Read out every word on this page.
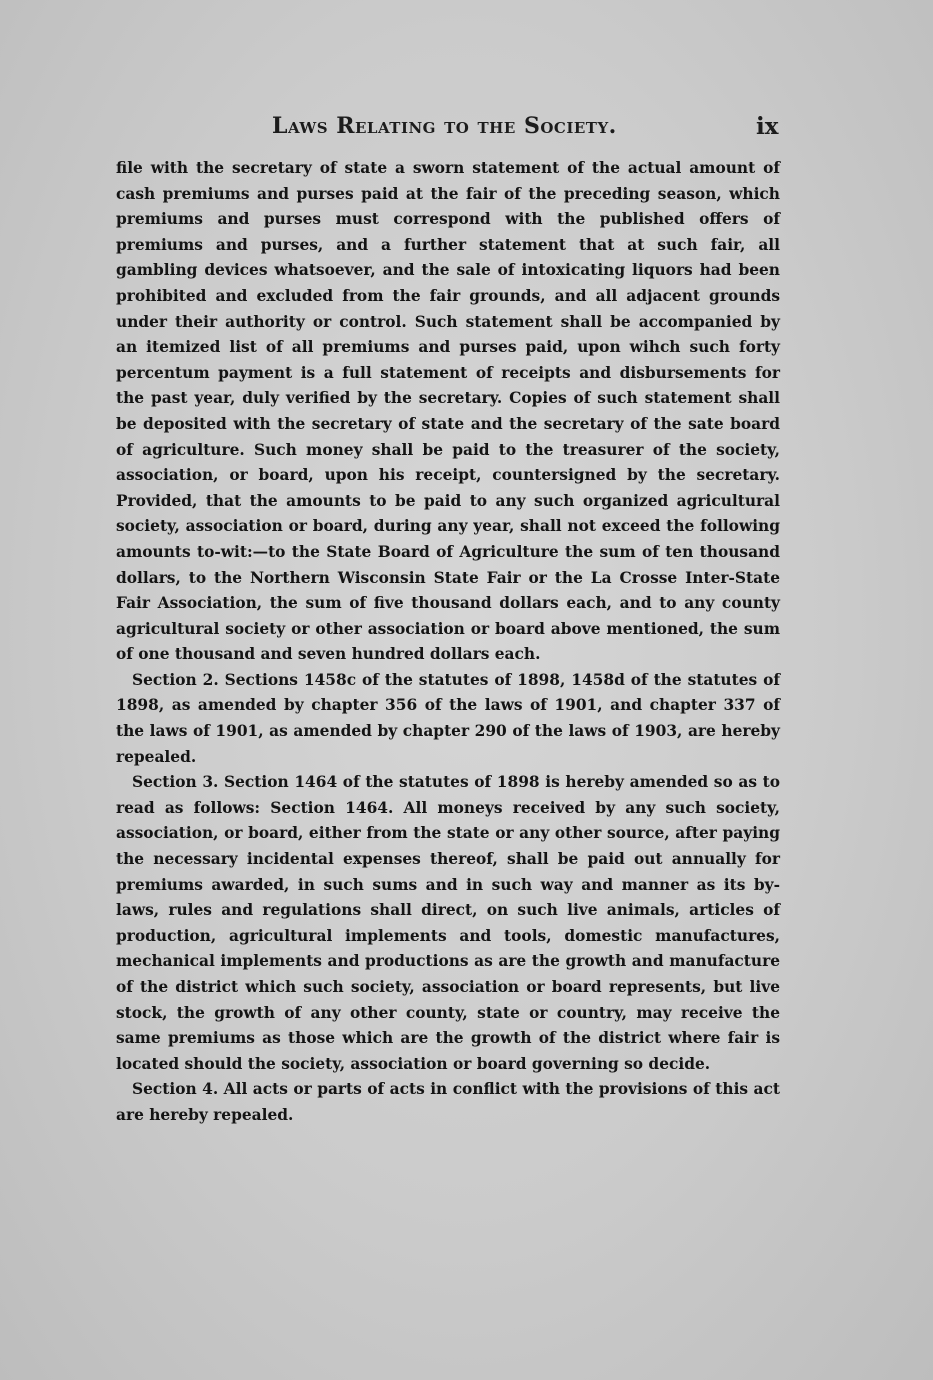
Laws Relating to the Society.	ix

file with the secretary of state a sworn statement of the actual amount of cash premiums and purses paid at the fair of the preceding season, which premiums and purses must correspond with the published offers of premiums and purses, and a further statement that at such fair, all gambling devices whatsoever, and the sale of intoxicating liquors had been prohibited and excluded from the fair grounds, and all adjacent grounds under their authority or control. Such statement shall be accompanied by an itemized list of all premiums and purses paid, upon wihch such forty percentum payment is a full statement of receipts and disbursements for the past year, duly verified by the secretary. Copies of such statement shall be deposited with the secretary of state and the secretary of the sate board of agriculture. Such money shall be paid to the treasurer of the society, association, or board, upon his receipt, countersigned by the secretary. Provided, that the amounts to be paid to any such organized agricultural society, association or board, during any year, shall not exceed the following amounts to-wit:—to the State Board of Agriculture the sum of ten thousand dollars, to the Northern Wisconsin State Fair or the La Crosse Inter-State Fair Association, the sum of five thousand dollars each, and to any county agricultural society or other association or board above mentioned, the sum of one thousand and seven hundred dollars each.

Section 2. Sections 1458c of the statutes of 1898, 1458d of the statutes of 1898, as amended by chapter 356 of the laws of 1901, and chapter 337 of the laws of 1901, as amended by chapter 290 of the laws of 1903, are hereby repealed.

Section 3. Section 1464 of the statutes of 1898 is hereby amended so as to read as follows: Section 1464. All moneys received by any such society, association, or board, either from the state or any other source, after paying the necessary incidental expenses thereof, shall be paid out annually for premiums awarded, in such sums and in such way and manner as its by-laws, rules and regulations shall direct, on such live animals, articles of production, agricultural implements and tools, domestic manufactures, mechanical implements and productions as are the growth and manufacture of the district which such society, association or board represents, but live stock, the growth of any other county, state or country, may receive the same premiums as those which are the growth of the district where fair is located should the society, association or board governing so decide.

Section 4. All acts or parts of acts in conflict with the provisions of this act are hereby repealed.
